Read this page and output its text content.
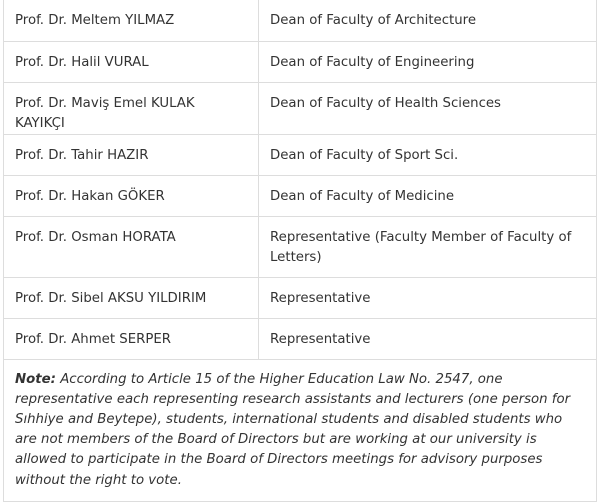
Prof. Dr. Meltem YILMAZ	Dean of Faculty of Architecture
Prof. Dr. Halil VURAL	Dean of Faculty of Engineering
Prof. Dr. Maviş Emel KULAK KAYIKÇI	Dean of Faculty of Health Sciences
Prof. Dr. Tahir HAZIR	Dean of Faculty of Sport Sci.
Prof. Dr. Hakan GÖKER	Dean of Faculty of Medicine
Prof. Dr. Osman HORATA	Representative (Faculty Member of Faculty of Letters)
Prof. Dr. Sibel AKSU YILDIRIM	Representative
Prof. Dr. Ahmet SERPER	Representative
Note: According to Article 15 of the Higher Education Law No. 2547, one representative each representing research assistants and lecturers (one person for Sıhhiye and Beytepe), students, international students and disabled students who are not members of the Board of Directors but are working at our university is allowed to participate in the Board of Directors meetings for advisory purposes without the right to vote.
